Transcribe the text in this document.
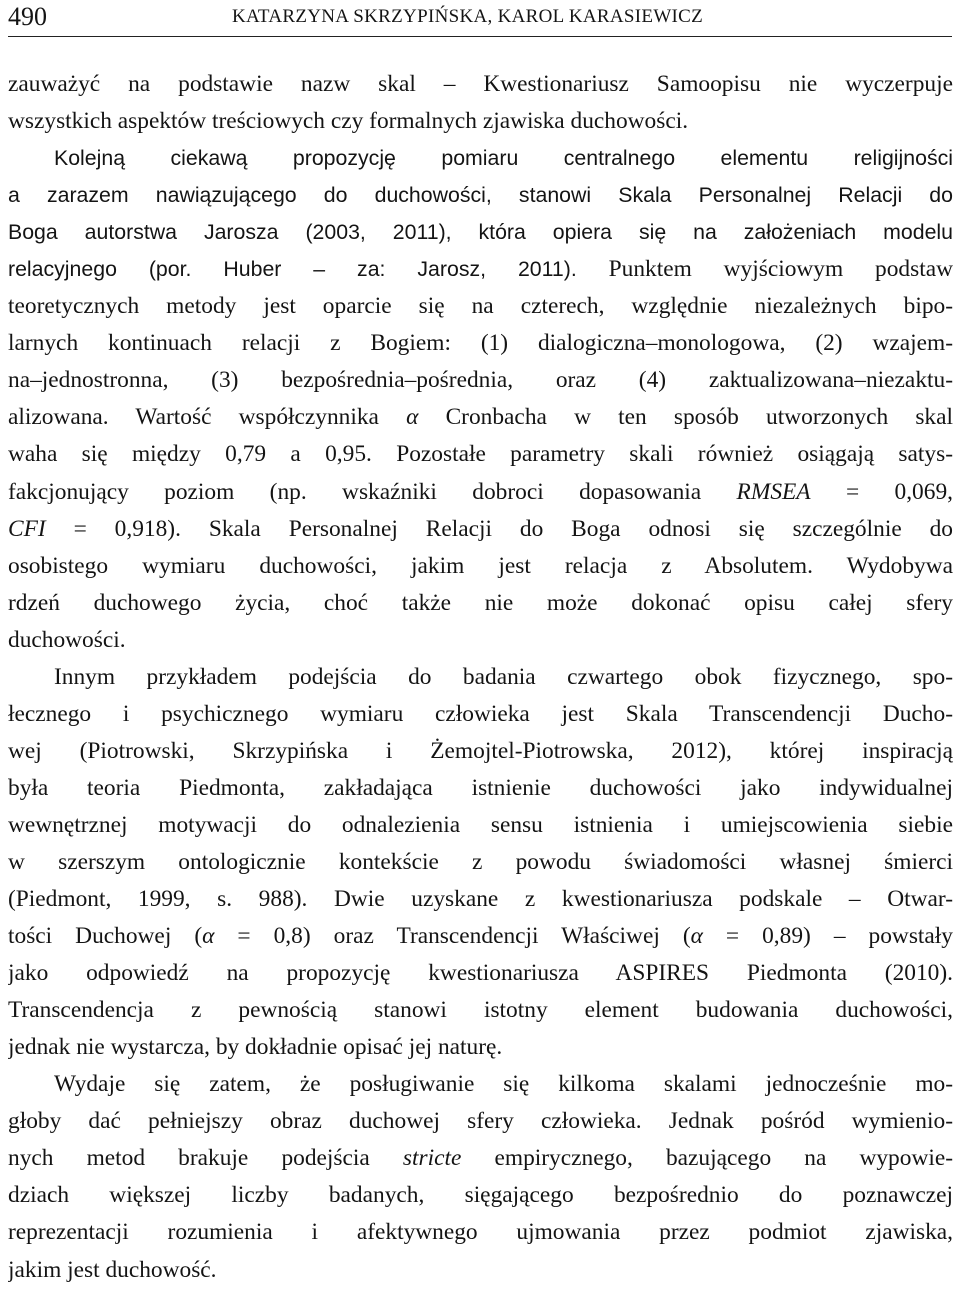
490	KATARZYNA SKRZYPIŃSKA, KAROL KARASIEWICZ
zauważyć na podstawie nazw skal – Kwestionariusz Samoopisu nie wyczerpuje
wszystkich aspektów treściowych czy formalnych zjawiska duchowości.
Kolejną ciekawą propozycję pomiaru centralnego elementu religijności
a zarazem nawiązującego do duchowości, stanowi Skala Personalnej Relacji do
Boga autorstwa Jarosza (2003, 2011), która opiera się na założeniach modelu
relacyjnego (por. Huber – za: Jarosz, 2011). Punktem wyjściowym podstaw
teoretycznych metody jest oparcie się na czterech, względnie niezależnych bipo-
larnych kontinuach relacji z Bogiem: (1) dialogiczna–monologowa, (2) wzajem-
na–jednostronna, (3) bezpośrednia–pośrednia, oraz (4) zaktualizowana–niezaktu-
alizowana. Wartość współczynnika α Cronbacha w ten sposób utworzonych skal
waha się między 0,79 a 0,95. Pozostałe parametry skali również osiągają satys-
fakcjonujący poziom (np. wskaźniki dobroci dopasowania RMSEA = 0,069,
CFI = 0,918). Skala Personalnej Relacji do Boga odnosi się szczególnie do
osobistego wymiaru duchowości, jakim jest relacja z Absolutem. Wydobywa
rdzeń duchowego życia, choć także nie może dokonać opisu całej sfery
duchowości.
Innym przykładem podejścia do badania czwartego obok fizycznego, spo-
łecznego i psychicznego wymiaru człowieka jest Skala Transcendencji Ducho-
wej (Piotrowski, Skrzypińska i Żemojtel-Piotrowska, 2012), której inspiracją
była teoria Piedmonta, zakładająca istnienie duchowości jako indywidualnej
wewnętrznej motywacji do odnalezienia sensu istnienia i umiejscowienia siebie
w szerszym ontologicznie kontekście z powodu świadomości własnej śmierci
(Piedmont, 1999, s. 988). Dwie uzyskane z kwestionariusza podskale – Otwar-
tości Duchowej (α = 0,8) oraz Transcendencji Właściwej (α = 0,89) – powstały
jako odpowiedź na propozycję kwestionariusza ASPIRES Piedmonta (2010).
Transcendencja z pewnością stanowi istotny element budowania duchowości,
jednak nie wystarcza, by dokładnie opisać jej naturę.
Wydaje się zatem, że posługiwanie się kilkoma skalami jednocześnie mo-
głoby dać pełniejszy obraz duchowej sfery człowieka. Jednak pośród wymienio-
nych metod brakuje podejścia stricte empirycznego, bazującego na wypowie-
dziach większej liczby badanych, sięgającego bezpośrednio do poznawczej
reprezentacji rozumienia i afektywnego ujmowania przez podmiot zjawiska,
jakim jest duchowość.
